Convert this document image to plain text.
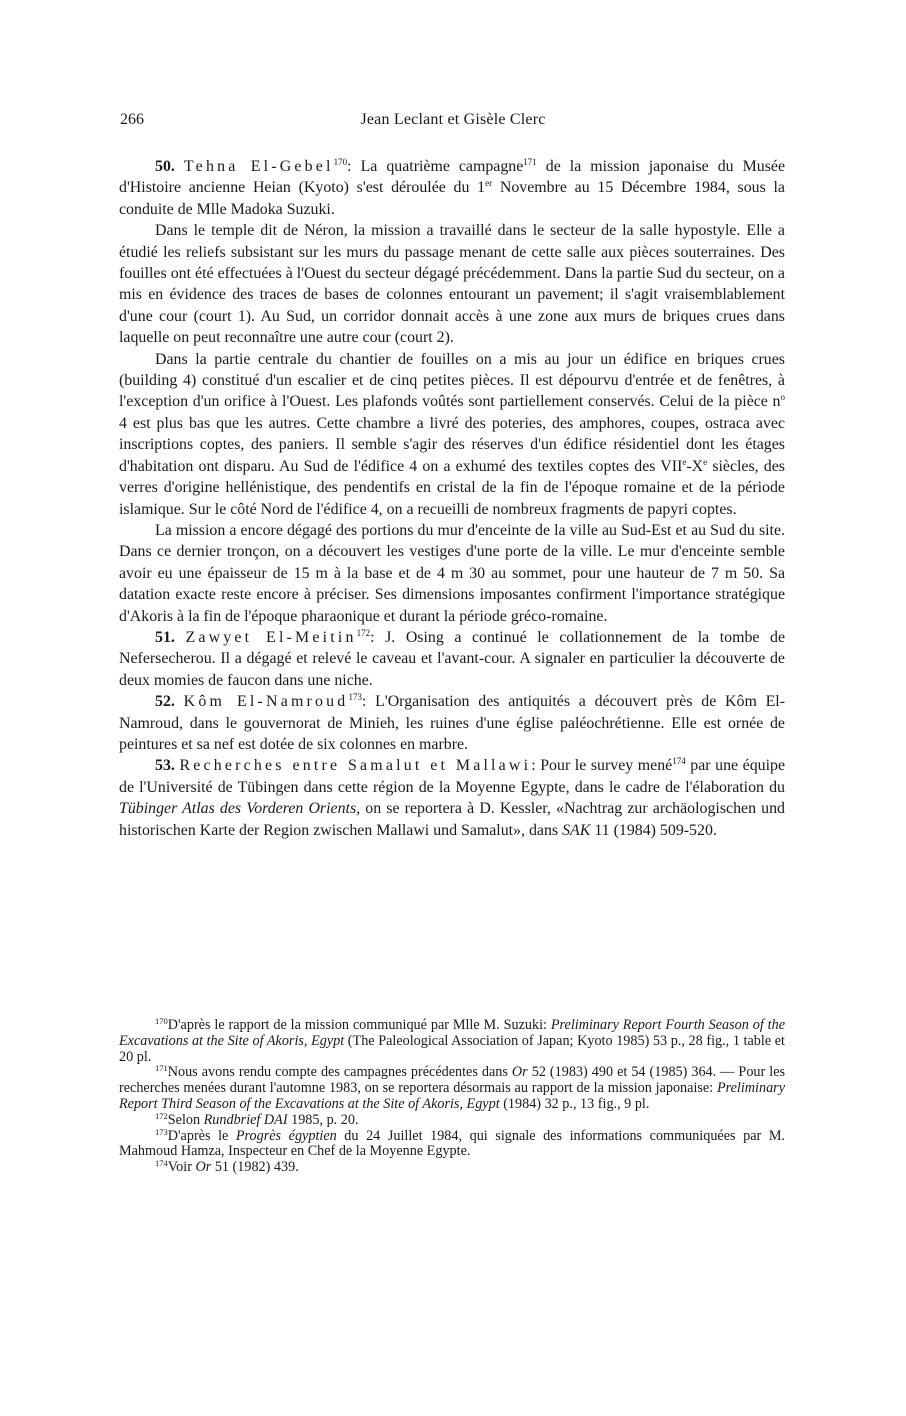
266	Jean Leclant et Gisèle Clerc

50. Tehna El-Gebel$^{170}$: La quatrième campagne$^{171}$ de la mission japonaise du Musée d'Histoire ancienne Heian (Kyoto) s'est déroulée du 1er Novembre au 15 Décembre 1984, sous la conduite de Mlle Madoka Suzuki.

Dans le temple dit de Néron, la mission a travaillé dans le secteur de la salle hypostyle. Elle a étudié les reliefs subsistant sur les murs du passage menant de cette salle aux pièces souterraines. Des fouilles ont été effectuées à l'Ouest du secteur dégagé précédemment. Dans la partie Sud du secteur, on a mis en évidence des traces de bases de colonnes entourant un pavement; il s'agit vraisemblablement d'une cour (court 1). Au Sud, un corridor donnait accès à une zone aux murs de briques crues dans laquelle on peut reconnaître une autre cour (court 2).

Dans la partie centrale du chantier de fouilles on a mis au jour un édifice en briques crues (building 4) constitué d'un escalier et de cinq petites pièces. Il est dépourvu d'entrée et de fenêtres, à l'exception d'un orifice à l'Ouest. Les plafonds voûtés sont partiellement conservés. Celui de la pièce $n^o$ 4 est plus bas que les autres. Cette chambre a livré des poteries, des amphores, coupes, ostraca avec inscriptions coptes, des paniers. Il semble s'agir des réserves d'un édifice résidentiel dont les étages d'habitation ont disparu. Au Sud de l'édifice 4 on a exhumé des textiles coptes des VIIe-Xe siècles, des verres d'origine hellénistique, des pendentifs en cristal de la fin de l'époque romaine et de la période islamique. Sur le côté Nord de l'édifice 4, on a recueilli de nombreux fragments de papyri coptes.

La mission a encore dégagé des portions du mur d'enceinte de la ville au Sud-Est et au Sud du site. Dans ce dernier tronçon, on a découvert les vestiges d'une porte de la ville. Le mur d'enceinte semble avoir eu une épaisseur de 15 m à la base et de 4 m 30 au sommet, pour une hauteur de 7 m 50. Sa datation exacte reste encore à préciser. Ses dimensions imposantes confirment l'importance stratégique d'Akoris à la fin de l'époque pharaonique et durant la période gréco-romaine.

51. Zawyet El-Meitin$^{172}$: J. Osing a continué le collationnement de la tombe de Nefersecherou. Il a dégagé et relevé le caveau et l'avant-cour. A signaler en particulier la découverte de deux momies de faucon dans une niche.

52. Kôm El-Namroud$^{173}$: L'Organisation des antiquités a découvert près de Kôm El-Namroud, dans le gouvernorat de Minieh, les ruines d'une église paléochrétienne. Elle est ornée de peintures et sa nef est dotée de six colonnes en marbre.

53. Recherches entre Samalut et Mallawi: Pour le survey mené$^{174}$ par une équipe de l'Université de Tübingen dans cette région de la Moyenne Egypte, dans le cadre de l'élaboration du Tübinger Atlas des Vorderen Orients, on se reportera à D. Kessler, «Nachtrag zur archäologischen und historischen Karte der Region zwischen Mallawi und Samalut», dans SAK 11 (1984) 509-520.

$^{170}$D'après le rapport de la mission communiqué par Mlle M. Suzuki: Preliminary Report Fourth Season of the Excavations at the Site of Akoris, Egypt (The Paleological Association of Japan; Kyoto 1985) 53 p., 28 fig., 1 table et 20 pl.

$^{171}$Nous avons rendu compte des campagnes précédentes dans Or 52 (1983) 490 et 54 (1985) 364. — Pour les recherches menées durant l'automne 1983, on se reportera désormais au rapport de la mission japonaise: Preliminary Report Third Season of the Excavations at the Site of Akoris, Egypt (1984) 32 p., 13 fig., 9 pl.

$^{172}$Selon Rundbrief DAI 1985, p. 20.

$^{173}$D'après le Progrès égyptien du 24 Juillet 1984, qui signale des informations communiquées par M. Mahmoud Hamza, Inspecteur en Chef de la Moyenne Egypte.

$^{174}$Voir Or 51 (1982) 439.
